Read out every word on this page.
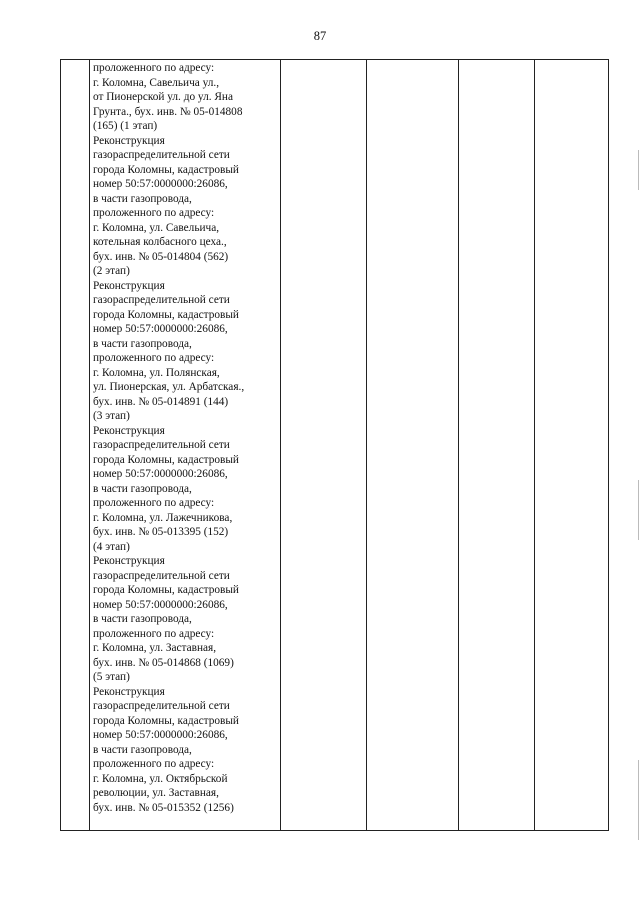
87

проложенного по адресу:
г. Коломна, Савельича ул.,
от Пионерской ул. до ул. Яна
Грунта., бух. инв. № 05-014808
(165) (1 этап)

Реконструкция
газораспределительной сети
города Коломны, кадастровый
номер 50:57:0000000:26086,
в части газопровода,
проложенного по адресу:
г. Коломна, ул. Савельича,
котельная колбасного цеха.,
бух. инв. № 05-014804 (562)
(2 этап)

Реконструкция
газораспределительной сети
города Коломны, кадастровый
номер 50:57:0000000:26086,
в части газопровода,
проложенного по адресу:
г. Коломна, ул. Полянская,
ул. Пионерская, ул. Арбатская.,
бух. инв. № 05-014891 (144)
(3 этап)

Реконструкция
газораспределительной сети
города Коломны, кадастровый
номер 50:57:0000000:26086,
в части газопровода,
проложенного по адресу:
г. Коломна, ул. Лажечникова,
бух. инв. № 05-013395 (152)
(4 этап)

Реконструкция
газораспределительной сети
города Коломны, кадастровый
номер 50:57:0000000:26086,
в части газопровода,
проложенного по адресу:
г. Коломна, ул. Заставная,
бух. инв. № 05-014868 (1069)
(5 этап)

Реконструкция
газораспределительной сети
города Коломны, кадастровый
номер 50:57:0000000:26086,
в части газопровода,
проложенного по адресу:
г. Коломна, ул. Октябрьской
революции, ул. Заставная,
бух. инв. № 05-015352 (1256)
